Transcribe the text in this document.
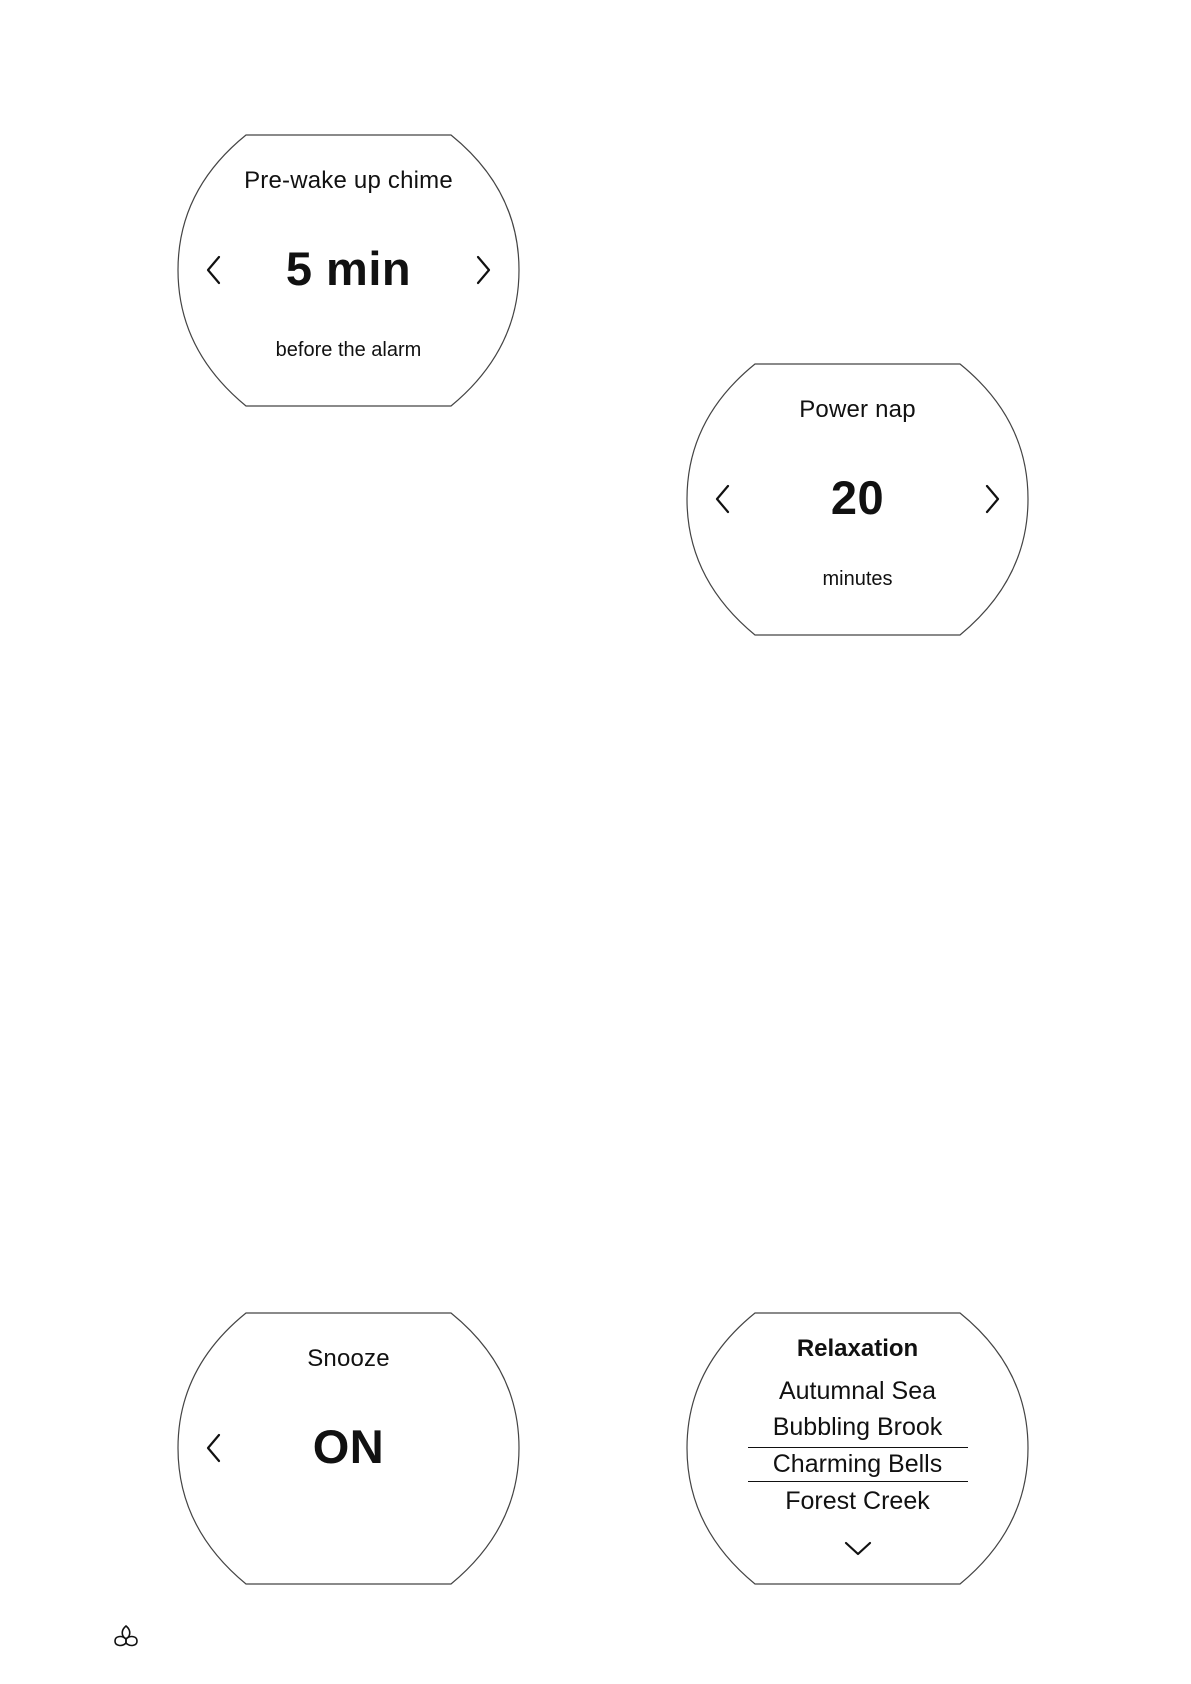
Pre-wake up chime
5 min
before the alarm
Power nap
20
minutes
Snooze
ON
Relaxation
Autumnal Sea
Bubbling Brook
Charming Bells
Forest Creek
